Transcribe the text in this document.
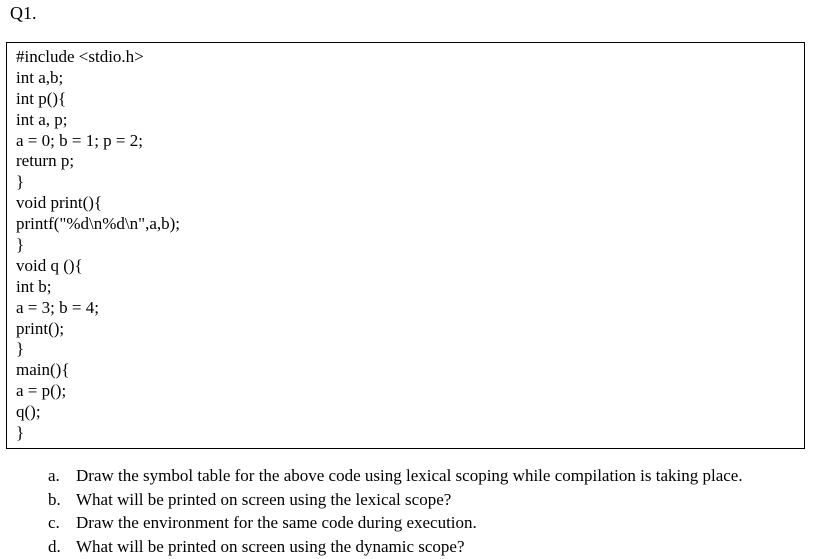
Q1.
#include <stdio.h>
int a,b;
int p(){
int a, p;
a = 0; b = 1; p = 2;
return p;
}
void print(){
printf("%d\n%d\n",a,b);
}
void q (){
int b;
a = 3; b = 4;
print();
}
main(){
a = p();
q();
}
a. Draw the symbol table for the above code using lexical scoping while compilation is taking place.
b. What will be printed on screen using the lexical scope?
c. Draw the environment for the same code during execution.
d. What will be printed on screen using the dynamic scope?
